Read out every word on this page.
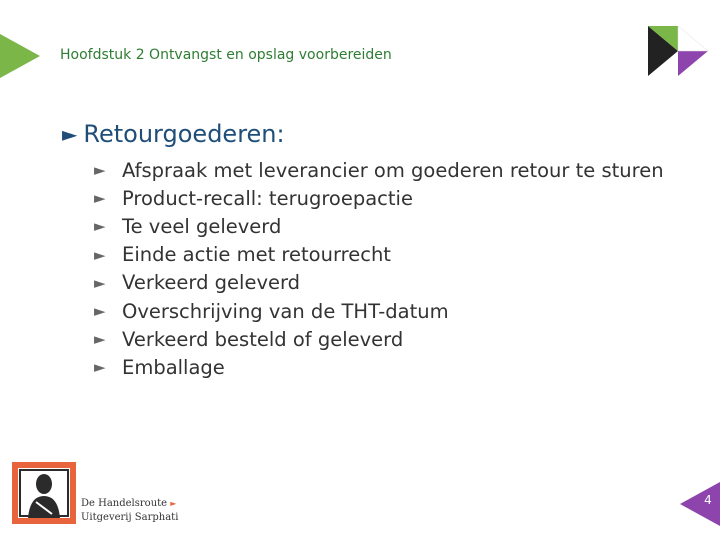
Hoofdstuk 2 Ontvangst en opslag voorbereiden
► Retourgoederen:
► Afspraak met leverancier om goederen retour te sturen
► Product-recall: terugroepactie
► Te veel geleverd
► Einde actie met retourrecht
► Verkeerd geleverd
► Overschrijving van de THT-datum
► Verkeerd besteld of geleverd
► Emballage
De Handelsroute ►
Uitgeverij Sarphati
4
